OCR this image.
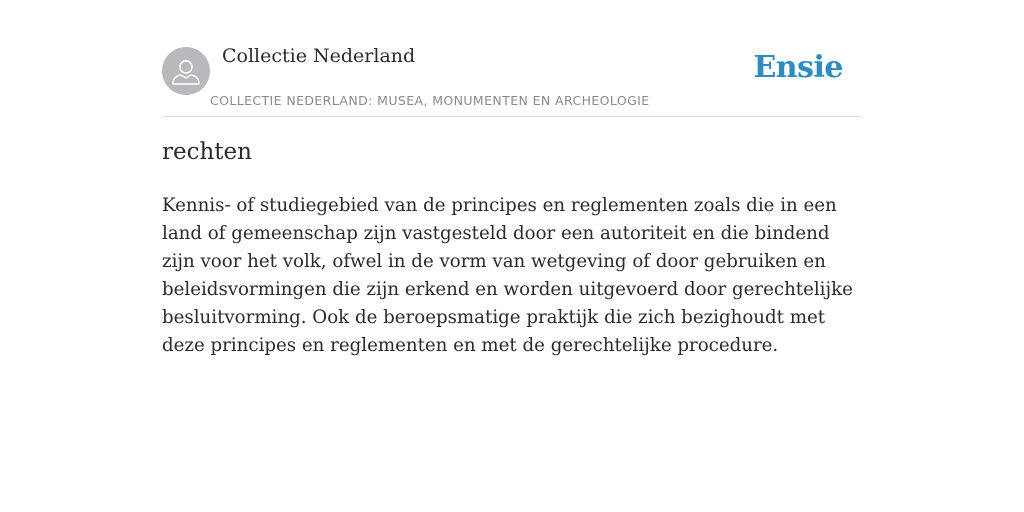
Collectie Nederland
COLLECTIE NEDERLAND: MUSEA, MONUMENTEN EN ARCHEOLOGIE
Ensie
rechten

Kennis- of studiegebied van de principes en reglementen zoals die in een land of gemeenschap zijn vastgesteld door een autoriteit en die bindend zijn voor het volk, ofwel in de vorm van wetgeving of door gebruiken en beleidsvormingen die zijn erkend en worden uitgevoerd door gerechtelijke besluitvorming. Ook de beroepsmatige praktijk die zich bezighoudt met deze principes en reglementen en met de gerechtelijke procedure.
